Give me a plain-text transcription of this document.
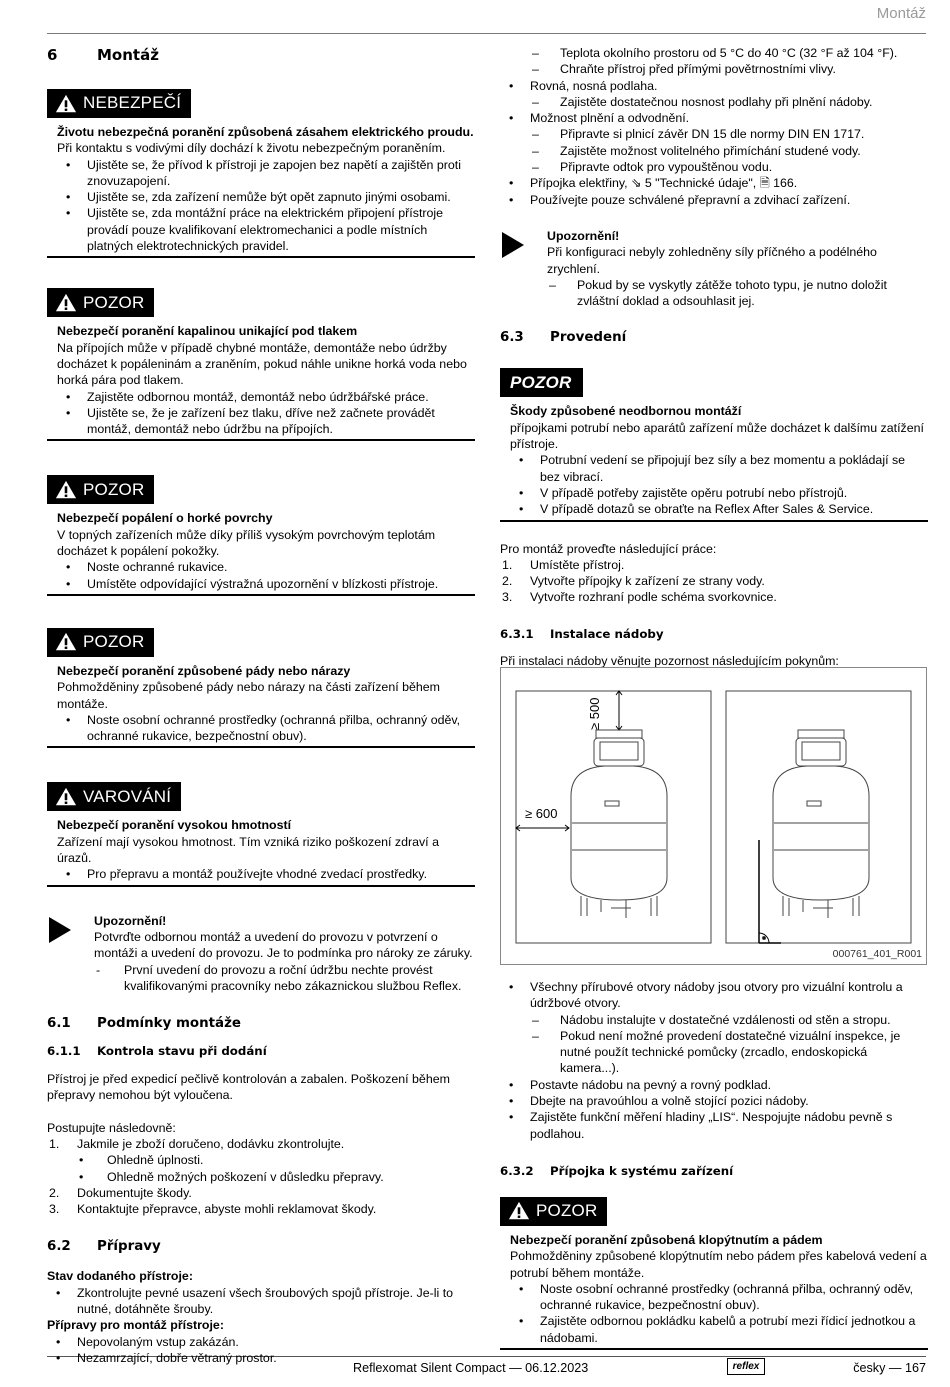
Montáž
Reflexomat Silent Compact — 06.12.2023	reflex	česky — 167
6	Montáž
NEBEZPEČÍ

Životu nebezpečná poranění způsobená zásahem elektrického proudu.

Při kontaktu s vodivými díly dochází k životu nebezpečným poraněním.

• Ujistěte se, že přívod k přístroji je zapojen bez napětí a zajištěn proti znovuzapojení.
• Ujistěte se, zda zařízení nemůže být opět zapnuto jinými osobami.
• Ujistěte se, zda montážní práce na elektrickém připojení přístroje provádí pouze kvalifikovaní elektromechanici a podle místních platných elektrotechnických pravidel.
POZOR

Nebezpečí poranění kapalinou unikající pod tlakem

Na přípojích může v případě chybné montáže, demontáže nebo údržby docházet k popáleninám a zraněním, pokud náhle unikne horká voda nebo horká pára pod tlakem.

• Zajistěte odbornou montáž, demontáž nebo údržbářské práce.
• Ujistěte se, že je zařízení bez tlaku, dříve než začnete provádět montáž, demontáž nebo údržbu na přípojích.
POZOR

Nebezpečí popálení o horké povrchy

V topných zařízeních může díky příliš vysokým povrchovým teplotám docházet k popálení pokožky.

• Noste ochranné rukavice.
• Umístěte odpovídající výstražná upozornění v blízkosti přístroje.
POZOR

Nebezpečí poranění způsobené pády nebo nárazy

Pohmožděniny způsobené pády nebo nárazy na části zařízení během montáže.

• Noste osobní ochranné prostředky (ochranná přilba, ochranný oděv, ochranné rukavice, bezpečnostní obuv).
VAROVÁNÍ

Nebezpečí poranění vysokou hmotností

Zařízení mají vysokou hmotnost. Tím vzniká riziko poškození zdraví a úrazů.

• Pro přepravu a montáž používejte vhodné zvedací prostředky.

Upozornění!

Potvrďte odbornou montáž a uvedení do provozu v potvrzení o montáži a uvedení do provozu. Je to podmínka pro nároky ze záruky.

- První uvedení do provozu a roční údržbu nechte provést kvalifikovanými pracovníky nebo zákaznickou službou Reflex.
6.1 Podmínky montáže
6.1.1 Kontrola stavu při dodání

Přístroj je před expedicí pečlivě kontrolován a zabalen. Poškození během přepravy nemohou být vyloučena.

Postupujte následovně:

1. Jakmile je zboží doručeno, dodávku zkontrolujte.
• Ohledně úplnosti.
• Ohledně možných poškození v důsledku přepravy.
2. Dokumentujte škody.
3. Kontaktujte přepravce, abyste mohli reklamovat škody.
6.2 Přípravy

Stav dodaného přístroje:

• Zkontrolujte pevné usazení všech šroubových spojů přístroje. Je-li to nutné, dotáhněte šrouby.

Přípravy pro montáž přístroje:

• Nepovolaným vstup zakázán.
• Nezamrzající, dobře větraný prostor.
– Teplota okolního prostoru od 5 °C do 40 °C (32 °F až 104 °F).
– Chraňte přístroj před přímými povětrnostními vlivy.
• Rovná, nosná podlaha.
– Zajistěte dostatečnou nosnost podlahy při plnění nádoby.
• Možnost plnění a odvodnění.
– Připravte si plnicí závěr DN 15 dle normy DIN EN 1717.
– Zajistěte možnost volitelného přimíchání studené vody.
– Připravte odtok pro vypouštěnou vodu.
• Přípojka elektřiny, ⇘ 5 "Technické údaje", 🗎 166.
• Používejte pouze schválené přepravní a zdvihací zařízení.

Upozornění!

Při konfiguraci nebyly zohledněny síly příčného a podélného zrychlení.

– Pokud by se vyskytly zátěže tohoto typu, je nutno doložit zvláštní doklad a odsouhlasit jej.
6.3 Provedení
POZOR

Škody způsobené neodbornou montáží

přípojkami potrubí nebo aparátů zařízení může docházet k dalšímu zatížení přístroje.

• Potrubní vedení se připojují bez síly a bez momentu a pokládají se bez vibrací.
• V případě potřeby zajistěte opěru potrubí nebo přístrojů.
• V případě dotazů se obraťte na Reflex After Sales & Service.

Pro montáž proveďte následující práce:

1. Umístěte přístroj.
2. Vytvořte přípojky k zařízení ze strany vody.
3. Vytvořte rozhraní podle schéma svorkovnice.
6.3.1 Instalace nádoby

Při instalaci nádoby věnujte pozornost následujícím pokynům:

≥ 500
≥ 600
000761_401_R001
• Všechny přírubové otvory nádoby jsou otvory pro vizuální kontrolu a údržbové otvory.
– Nádobu instalujte v dostatečné vzdálenosti od stěn a stropu.
– Pokud není možné provedení dostatečné vizuální inspekce, je nutné použít technické pomůcky (zrcadlo, endoskopická kamera...).
• Postavte nádobu na pevný a rovný podklad.
• Dbejte na pravoúhlou a volně stojící pozici nádoby.
• Zajistěte funkční měření hladiny „LIS“. Nespojujte nádobu pevně s podlahou.
6.3.2 Přípojka k systému zařízení
POZOR

Nebezpečí poranění způsobená klopýtnutím a pádem

Pohmožděniny způsobené klopýtnutím nebo pádem přes kabelová vedení a potrubí během montáže.

• Noste osobní ochranné prostředky (ochranná přilba, ochranný oděv, ochranné rukavice, bezpečnostní obuv).
• Zajistěte odbornou pokládku kabelů a potrubí mezi řídicí jednotkou a nádobami.
